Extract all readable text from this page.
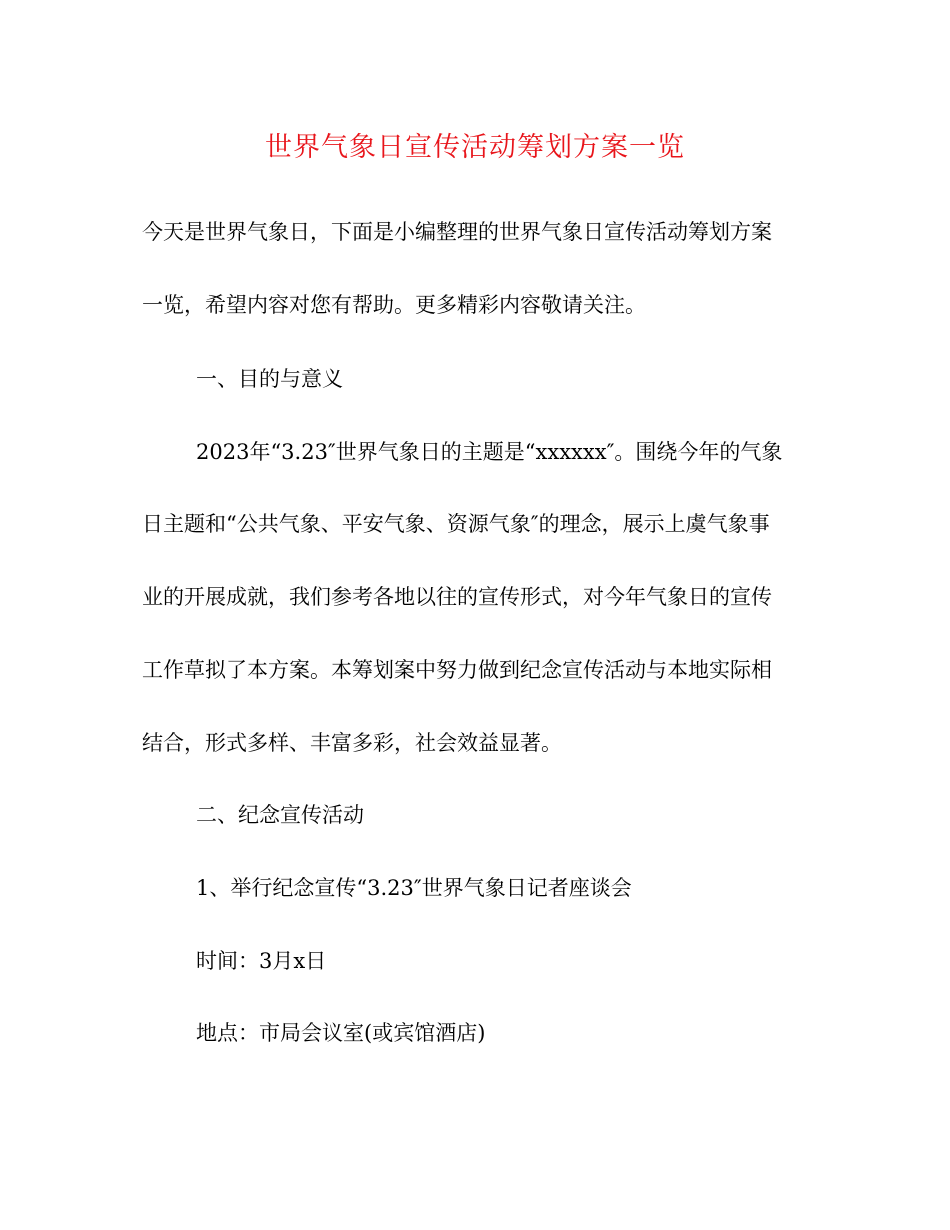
世界气象日宣传活动筹划方案一览
今天是世界气象日，下面是小编整理的世界气象日宣传活动筹划方案
一览，希望内容对您有帮助。更多精彩内容敬请关注。
一、目的与意义
2023年“3.23″世界气象日的主题是“xxxxxx″。围绕今年的气象
日主题和“公共气象、平安气象、资源气象″的理念，展示上虞气象事
业的开展成就，我们参考各地以往的宣传形式，对今年气象日的宣传
工作草拟了本方案。本筹划案中努力做到纪念宣传活动与本地实际相
结合，形式多样、丰富多彩，社会效益显著。
二、纪念宣传活动
1、举行纪念宣传“3.23″世界气象日记者座谈会
时间：3月x日
地点：市局会议室(或宾馆酒店)
